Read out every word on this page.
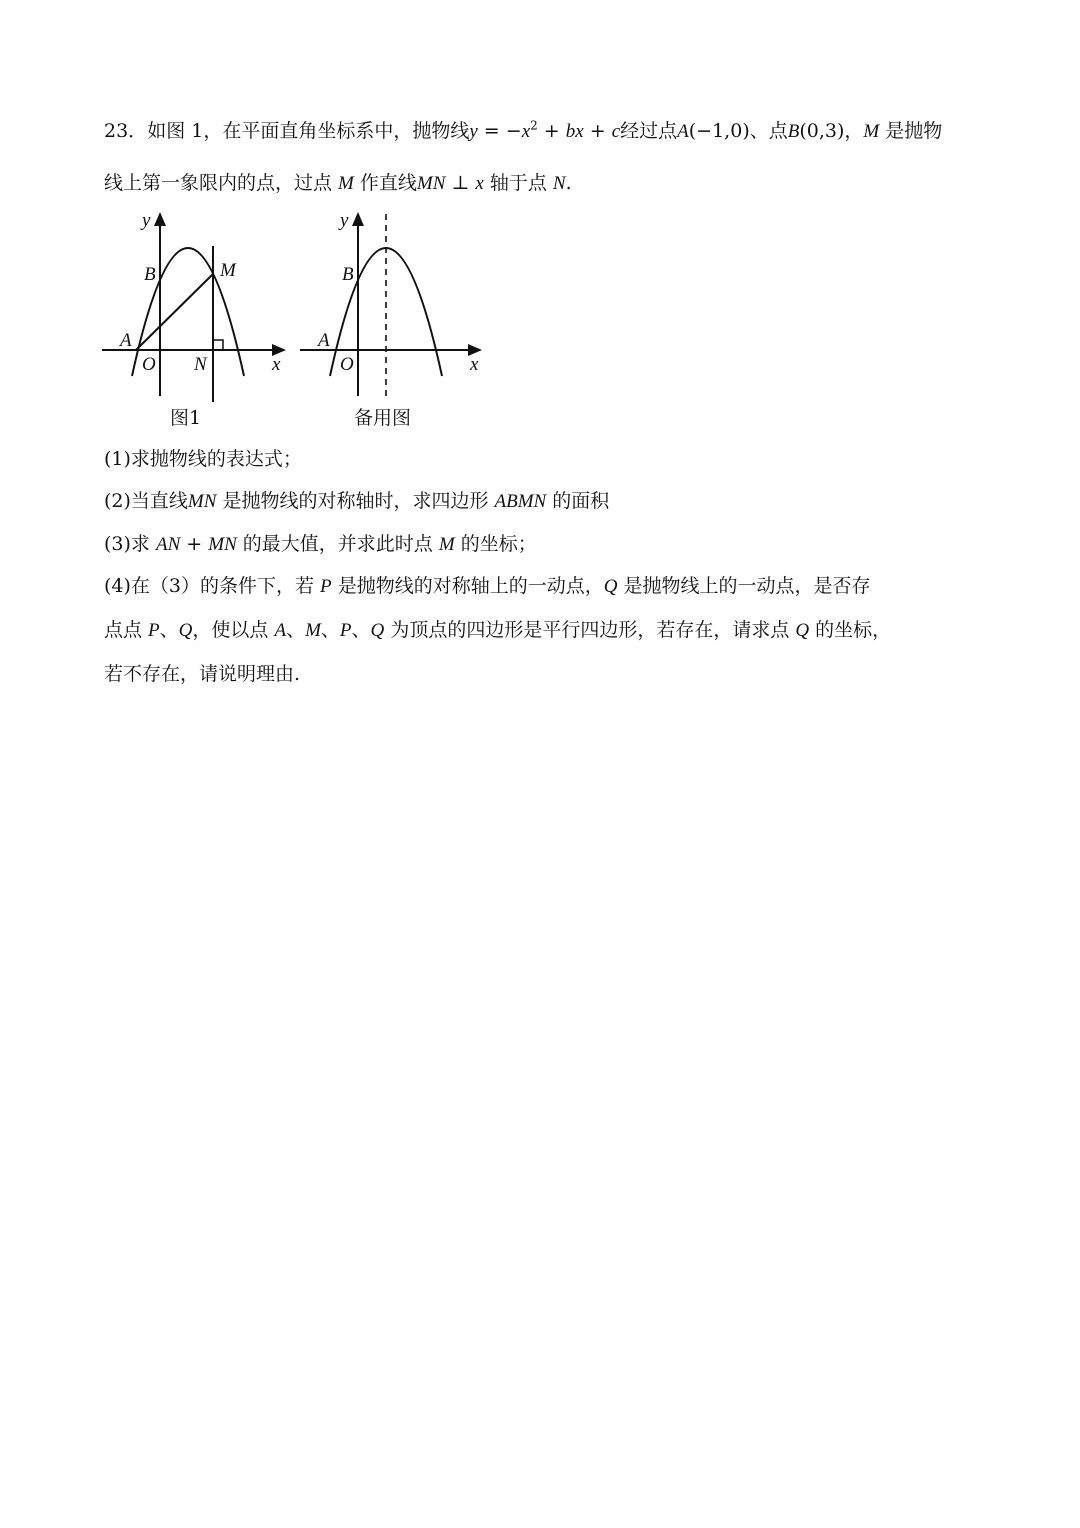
23．如图 1，在平面直角坐标系中，抛物线$y = -x^2$ + bx + c经过点A(−1,0)、点B(0,3)，M 是抛物
线上第一象限内的点，过点 M 作直线MN ⊥ x 轴于点 N.
y
x
B	M
A
O N
图1
y
x
B
A
O
备用图
(1)求抛物线的表达式；
(2)当直线MN 是抛物线的对称轴时，求四边形 ABMN 的面积
(3)求 AN + MN 的最大值，并求此时点 M 的坐标；
(4)在（3）的条件下，若 P 是抛物线的对称轴上的一动点，Q 是抛物线上的一动点，是否存
点点 P、Q，使以点 A、M、P、Q 为顶点的四边形是平行四边形，若存在，请求点 Q 的坐标，
若不存在，请说明理由.
